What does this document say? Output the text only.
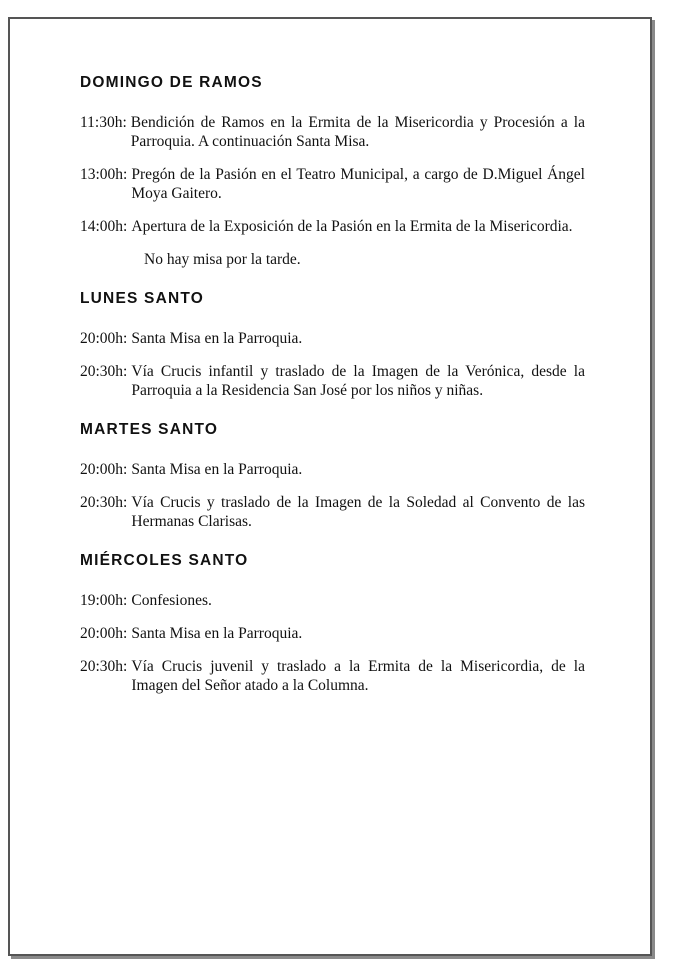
DOMINGO DE RAMOS
11:30h: Bendición de Ramos en la Ermita de la Misericordia y Procesión a la Parroquia. A continuación Santa Misa.
13:00h: Pregón de la Pasión en el Teatro Municipal, a cargo de D.Miguel Ángel Moya Gaitero.
14:00h: Apertura de la Exposición de la Pasión en la Ermita de la Misericordia.
No hay misa por la tarde.
LUNES SANTO
20:00h: Santa Misa en la Parroquia.
20:30h: Vía Crucis infantil y traslado de la Imagen de la Verónica, desde la Parroquia a la Residencia San José por los niños y niñas.
MARTES SANTO
20:00h: Santa Misa en la Parroquia.
20:30h: Vía Crucis y traslado de la Imagen de la Soledad al Convento de las Hermanas Clarisas.
MIÉRCOLES SANTO
19:00h: Confesiones.
20:00h: Santa Misa en la Parroquia.
20:30h: Vía Crucis juvenil y traslado a la Ermita de la Misericordia, de la Imagen del Señor atado a la Columna.
